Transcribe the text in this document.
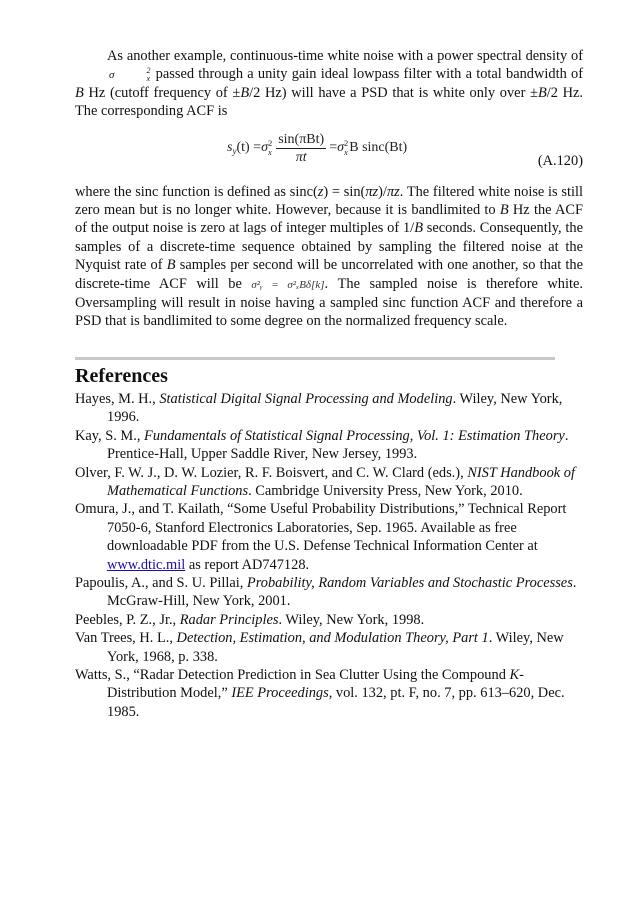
As another example, continuous-time white noise with a power spectral density of
σ	2
x passed through a unity gain ideal lowpass filter with a total bandwidth of B Hz (cutoff frequency of ±B/2 Hz) will have a PSD that is white only over ±B/2 Hz. The corresponding ACF is

$s_y(t) = \sigma$ 2
x $\frac{\text{sin(πBt)}}{\pi t} = \sigma$ 2
x B sinc(Bt)
(A.120)

where the sinc function is defined as sinc(z) = sin(πz)/πz. The filtered white noise is still zero mean but is no longer white. However, because it is bandlimited to B Hz the ACF of the output noise is zero at lags of integer multiples of 1/B seconds. Consequently, the samples of a discrete-time sequence obtained by sampling the filtered noise at the Nyquist rate of B samples per second will be uncorrelated with one another, so that the discrete-time ACF will be σ²ᵧ = σ²ₓBδ[k]. The sampled noise is therefore white. Oversampling will result in noise having a sampled sinc function ACF and therefore a PSD that is bandlimited to some degree on the normalized frequency scale.

References
Hayes, M. H., Statistical Digital Signal Processing and Modeling. Wiley, New York, 1996.
Kay, S. M., Fundamentals of Statistical Signal Processing, Vol. 1: Estimation Theory. Prentice-Hall, Upper Saddle River, New Jersey, 1993.
Olver, F. W. J., D. W. Lozier, R. F. Boisvert, and C. W. Clard (eds.), NIST Handbook of Mathematical Functions. Cambridge University Press, New York, 2010.
Omura, J., and T. Kailath, “Some Useful Probability Distributions,” Technical Report 7050-6, Stanford Electronics Laboratories, Sep. 1965. Available as free downloadable PDF from the U.S. Defense Technical Information Center at www.dtic.mil as report AD747128.
Papoulis, A., and S. U. Pillai, Probability, Random Variables and Stochastic Processes. McGraw-Hill, New York, 2001.
Peebles, P. Z., Jr., Radar Principles. Wiley, New York, 1998.
Van Trees, H. L., Detection, Estimation, and Modulation Theory, Part 1. Wiley, New York, 1968, p. 338.
Watts, S., “Radar Detection Prediction in Sea Clutter Using the Compound K-Distribution Model,” IEE Proceedings, vol. 132, pt. F, no. 7, pp. 613–620, Dec. 1985.
